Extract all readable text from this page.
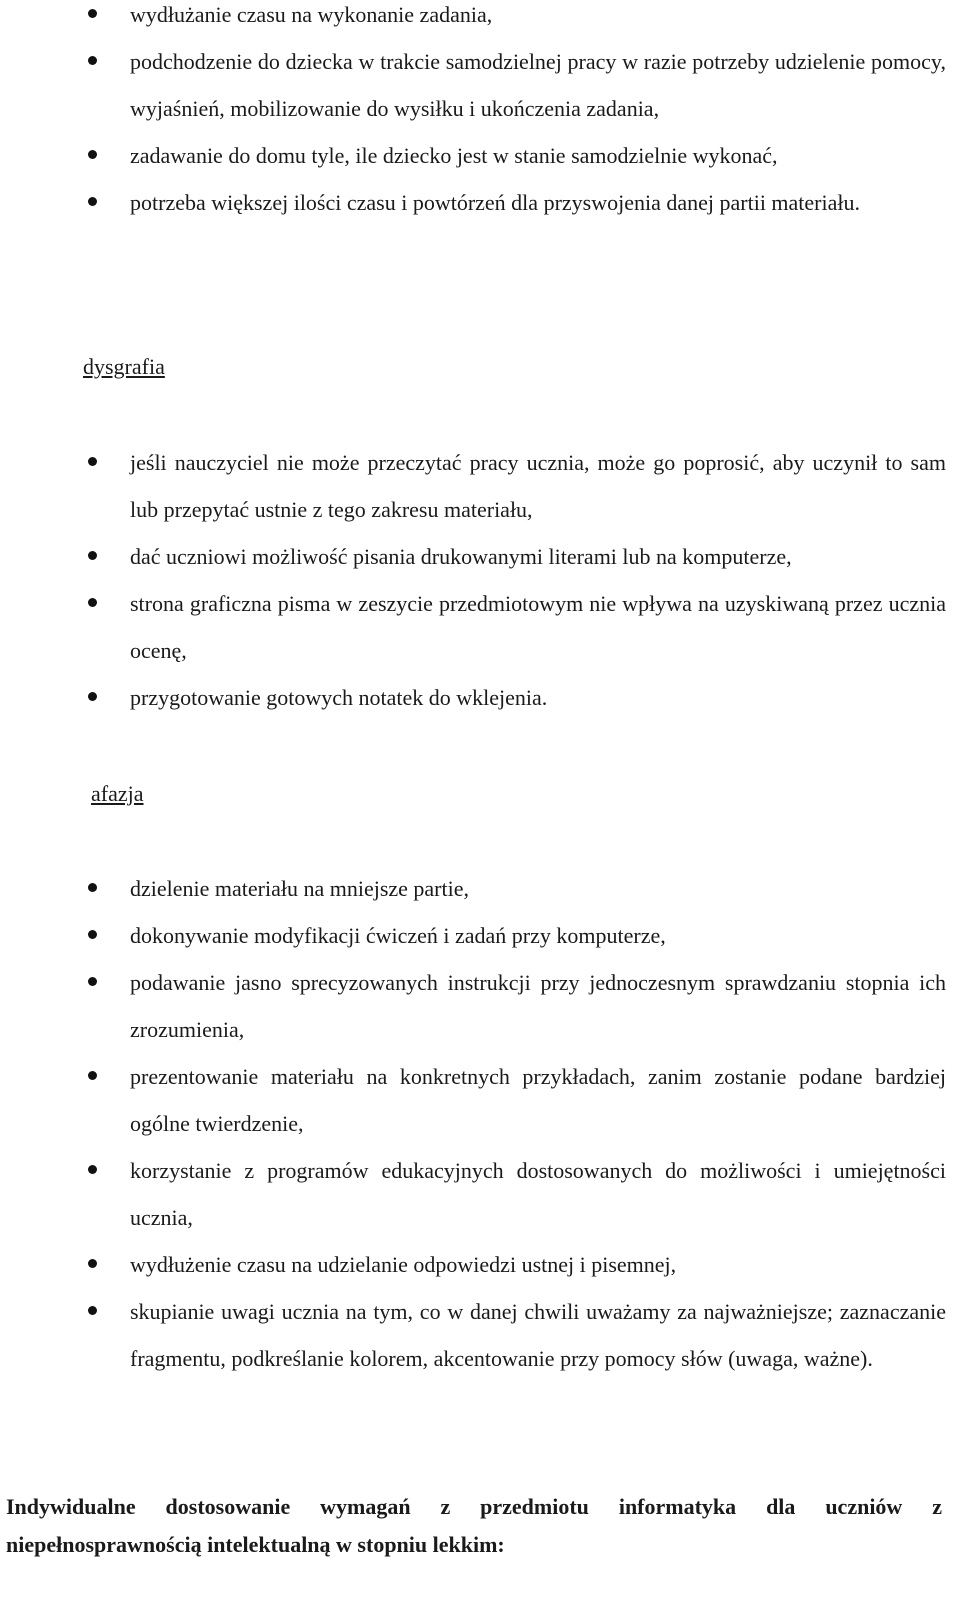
wydłużanie czasu na wykonanie zadania,
podchodzenie do dziecka w trakcie samodzielnej pracy w razie potrzeby udzielenie pomocy, wyjaśnień, mobilizowanie do wysiłku i ukończenia zadania,
zadawanie do domu tyle, ile dziecko jest w stanie samodzielnie wykonać,
potrzeba większej ilości czasu i powtórzeń dla przyswojenia danej partii materiału.
dysgrafia
jeśli nauczyciel nie może przeczytać pracy ucznia, może go poprosić, aby uczynił to sam lub przepytać ustnie z tego zakresu materiału,
dać uczniowi możliwość pisania drukowanymi literami lub na komputerze,
strona graficzna pisma w zeszycie przedmiotowym nie wpływa na uzyskiwaną przez ucznia ocenę,
przygotowanie gotowych notatek do wklejenia.
afazja
dzielenie materiału na mniejsze partie,
dokonywanie modyfikacji ćwiczeń i zadań przy komputerze,
podawanie jasno sprecyzowanych instrukcji przy jednoczesnym sprawdzaniu stopnia ich zrozumienia,
prezentowanie materiału na konkretnych przykładach, zanim zostanie podane bardziej ogólne twierdzenie,
korzystanie z programów edukacyjnych dostosowanych do możliwości i umiejętności ucznia,
wydłużenie czasu na udzielanie odpowiedzi ustnej i pisemnej,
skupianie uwagi ucznia na tym, co w danej chwili uważamy za najważniejsze; zaznaczanie fragmentu, podkreślanie kolorem, akcentowanie przy pomocy słów (uwaga, ważne).
Indywidualne dostosowanie wymagań z przedmiotu informatyka dla uczniów z niepełnosprawnością intelektualną w stopniu lekkim:
